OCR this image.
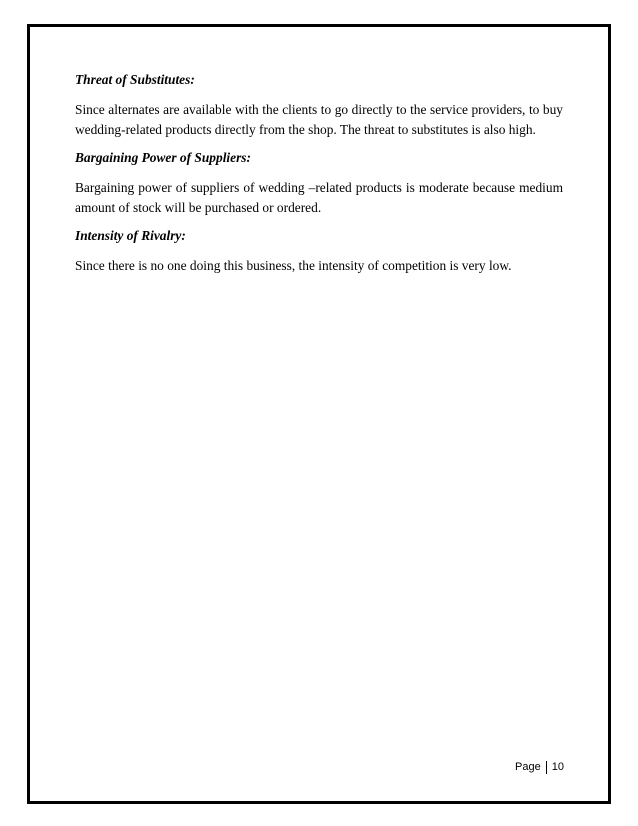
Threat of Substitutes:

Since alternates are available with the clients to go directly to the service providers, to buy wedding-related products directly from the shop. The threat to substitutes is also high.

Bargaining Power of Suppliers:

Bargaining power of suppliers of wedding –related products is moderate because medium amount of stock will be purchased or ordered.

Intensity of Rivalry:

Since there is no one doing this business, the intensity of competition is very low.

Page 10
